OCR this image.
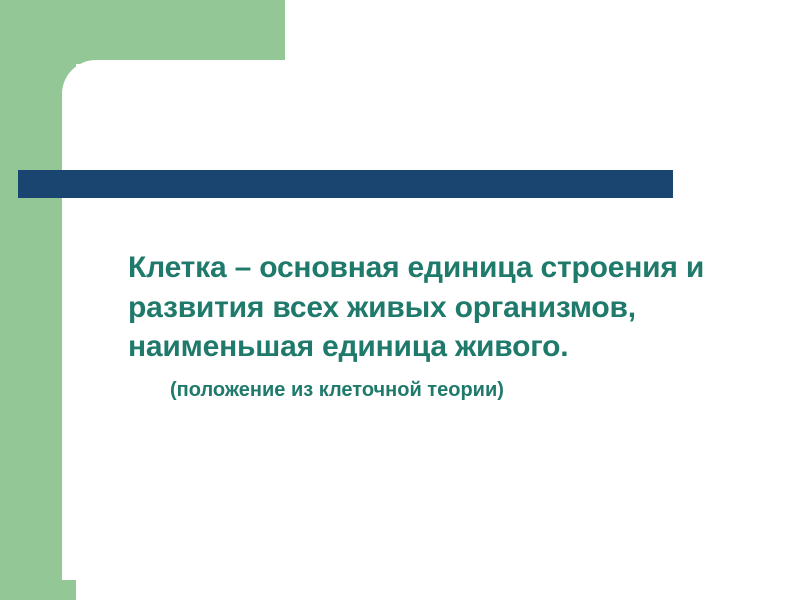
Клетка – основная единица строения и развития всех живых организмов, наименьшая единица живого.
(положение из клеточной теории)
